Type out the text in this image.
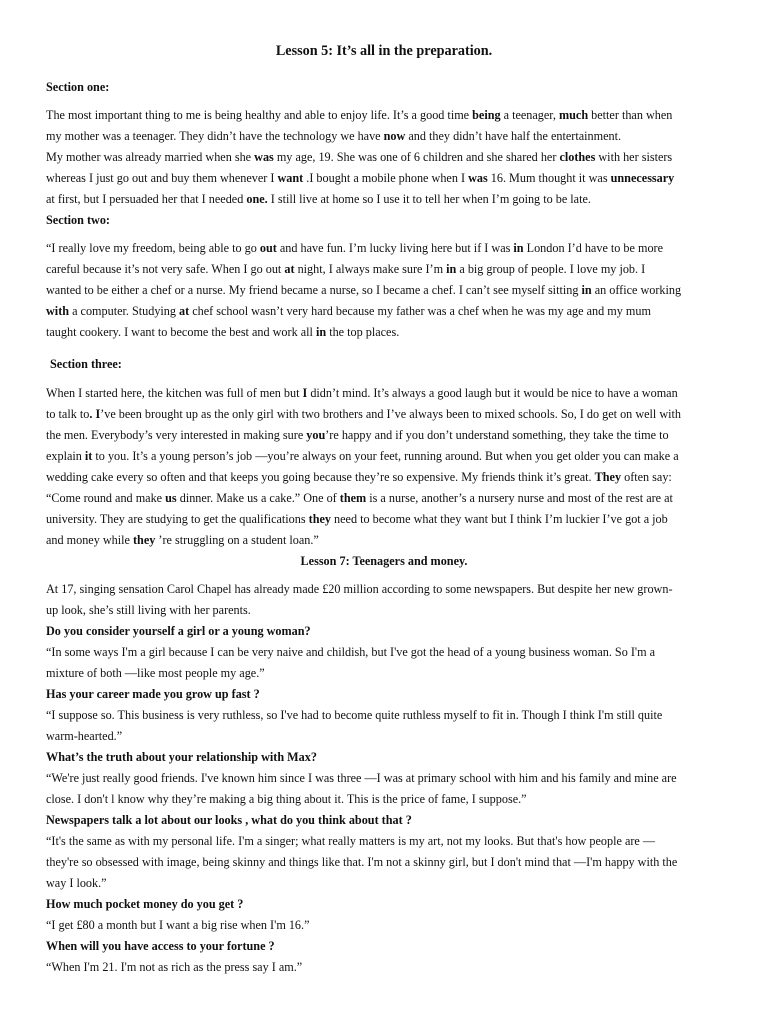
Lesson 5: It’s all in the preparation.

Section one:

The most important thing to me is being healthy and able to enjoy life. It’s a good time being a teenager, much better than when

my mother was a teenager. They didn’t have the technology we have now and they didn’t have half the entertainment.

My mother was already married when she was my age, 19. She was one of 6 children and she shared her clothes with her sisters

whereas I just go out and buy them whenever I want .I bought a mobile phone when I was 16. Mum thought it was unnecessary

at first, but I persuaded her that I needed one. I still live at home so I use it to tell her when I’m going to be late.

Section two:

“I really love my freedom, being able to go out and have fun. I’m lucky living here but if I was in London I’d have to be more

careful because it’s not very safe. When I go out at night, I always make sure I’m in a big group of people. I love my job. I

wanted to be either a chef or a nurse. My friend became a nurse, so I became a chef. I can’t see myself sitting in an office working

with a computer. Studying at chef school wasn’t very hard because my father was a chef when he was my age and my mum

taught cookery. I want to become the best and work all in the top places.

Section three:

When I started here, the kitchen was full of men but I didn’t mind. It’s always a good laugh but it would be nice to have a woman

to talk to. I’ve been brought up as the only girl with two brothers and I’ve always been to mixed schools. So, I do get on well with

the men. Everybody’s very interested in making sure you’re happy and if you don’t understand something, they take the time to

explain it to you. It’s a young person’s job —you’re always on your feet, running around. But when you get older you can make a

wedding cake every so often and that keeps you going because they’re so expensive. My friends think it’s great. They often say:

“Come round and make us dinner. Make us a cake.” One of them is a nurse, another’s a nursery nurse and most of the rest are at

university. They are studying to get the qualifications they need to become what they want but I think I’m luckier I’ve got a job

and money while they ’re struggling on a student loan.”

Lesson 7: Teenagers and money.

At 17, singing sensation Carol Chapel has already made £20 million according to some newspapers. But despite her new grown-

up look, she’s still living with her parents.

Do you consider yourself a girl or a young woman?

“In some ways I'm a girl because I can be very naive and childish, but I've got the head of a young business woman. So I'm a

mixture of both —like most people my age.”

Has your career made you grow up fast ?

“I suppose so. This business is very ruthless, so I've had to become quite ruthless myself to fit in. Though I think I'm still quite

warm-hearted.”

What’s the truth about your relationship with Max?

“We're just really good friends. I've known him since I was three —I was at primary school with him and his family and mine are

close. I don't l know why they’re making a big thing about it. This is the price of fame, I suppose.”

Newspapers talk a lot about our looks , what do you think about that ?

“It's the same as with my personal life. I'm a singer; what really matters is my art, not my looks. But that's how people are —

they're so obsessed with image, being skinny and things like that. I'm not a skinny girl, but I don't mind that —I'm happy with the

way I look.”

How much pocket money do you get ?

“I get £80 a month but I want a big rise when I'm 16.”

When will you have access to your fortune ?

“When I'm 21. I'm not as rich as the press say I am.”
